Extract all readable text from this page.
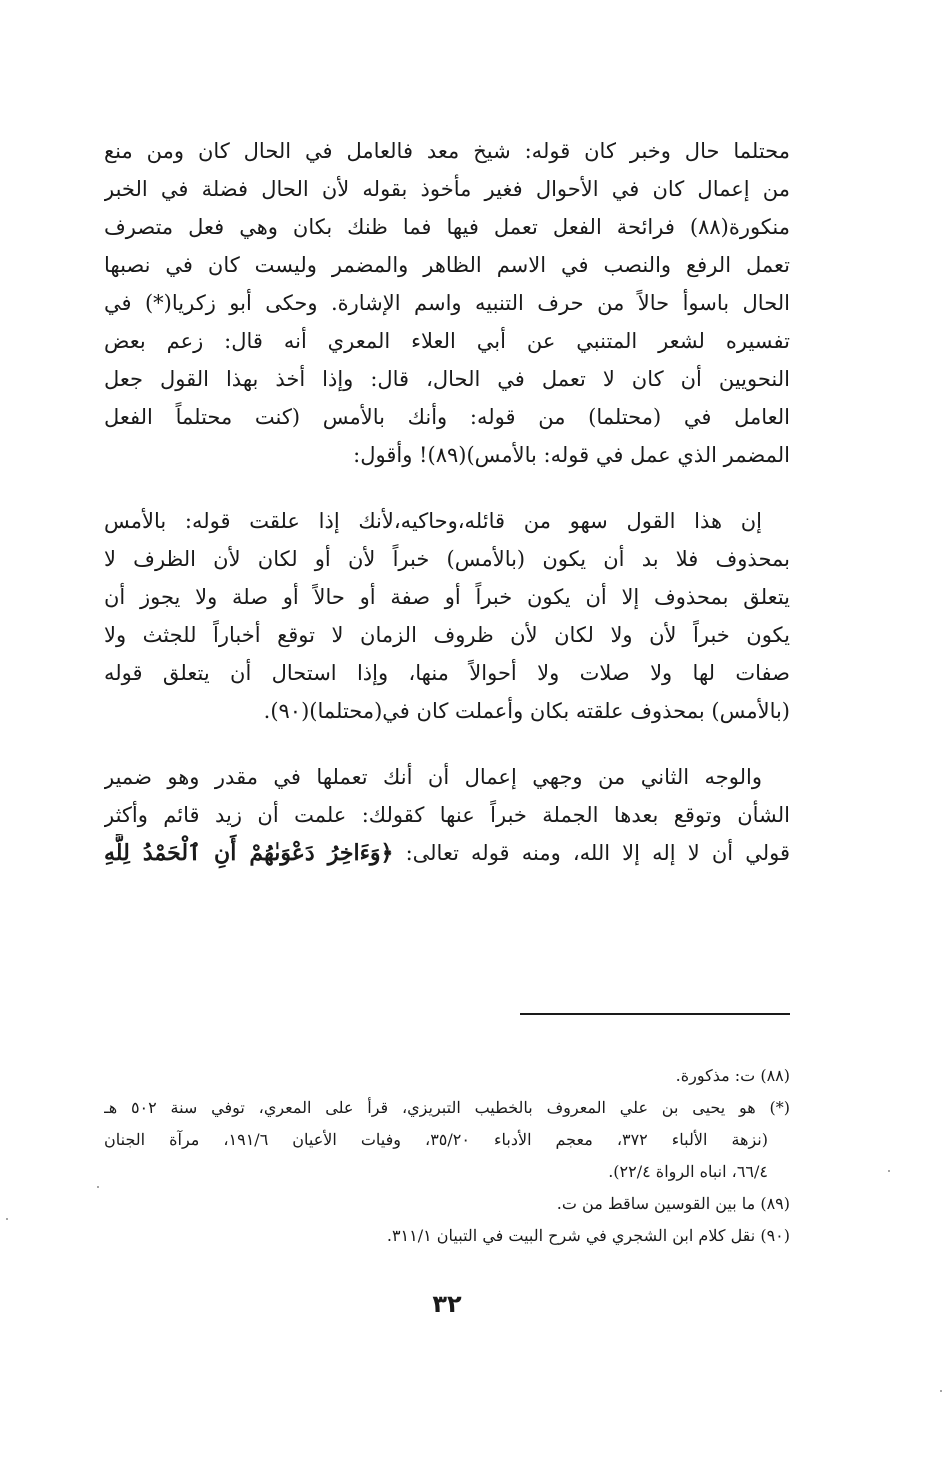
محتلما حال وخبر كان قوله: شيخ معد فالعامل في الحال كان ومن منع
من إعمال كان في الأحوال فغير مأخوذ بقوله لأن الحال فضلة في الخبر
منكورة(٨٨) فرائحة الفعل تعمل فيها فما ظنك بكان وهي فعل متصرف
تعمل الرفع والنصب في الاسم الظاهر والمضمر وليست كان في نصبها
الحال باسوأ حالاً من حرف التنبيه واسم الإشارة. وحكى أبو زكريا(*) في
تفسيره لشعر المتنبي عن أبي العلاء المعري أنه قال: زعم بعض
النحويين أن كان لا تعمل في الحال، قال: وإذا أخذ بهذا القول جعل
العامل في (محتلما) من قوله: وأنك بالأمس (كنت محتلماً الفعل
المضمر الذي عمل في قوله: بالأمس)(٨٩)! وأقول:
إن هذا القول سهو من قائله،وحاكيه،لأنك إذا علقت قوله: بالأمس
بمحذوف فلا بد أن يكون (بالأمس) خبراً لأن أو لكان لأن الظرف لا
يتعلق بمحذوف إلا أن يكون خبراً أو صفة أو حالاً أو صلة ولا يجوز أن
يكون خبراً لأن ولا لكان لأن ظروف الزمان لا توقع أخباراً للجثث ولا
صفات لها ولا صلات ولا أحوالاً منها، وإذا استحال أن يتعلق قوله
(بالأمس) بمحذوف علقته بكان وأعملت كان في(محتلما)(٩٠).
والوجه الثاني من وجهي إعمال أن أنك تعملها في مقدر وهو ضمير
الشأن وتوقع بعدها الجملة خبراً عنها كقولك: علمت أن زيد قائم وأكثر
قولي أن لا إله إلا الله، ومنه قوله تعالى: ﴿وَءَاخِرُ دَعْوَىٰهُمْ أَنِ ٱلْحَمْدُ لِلَّهِ
(٨٨) ت: مذكورة.
(*) هو يحيى بن علي المعروف بالخطيب التبريزي، قرأ على المعري، توفي سنة ٥٠٢ هـ
(نزهة الألباء ٣٧٢، معجم الأدباء ٣٥/٢٠، وفيات الأعيان ١٩١/٦، مرآة الجنان
٦٦/٤، انباه الرواة ٢٢/٤).
(٨٩) ما بين القوسين ساقط من ت.
(٩٠) نقل كلام ابن الشجري في شرح البيت في التبيان ٣١١/١.
٣٢
